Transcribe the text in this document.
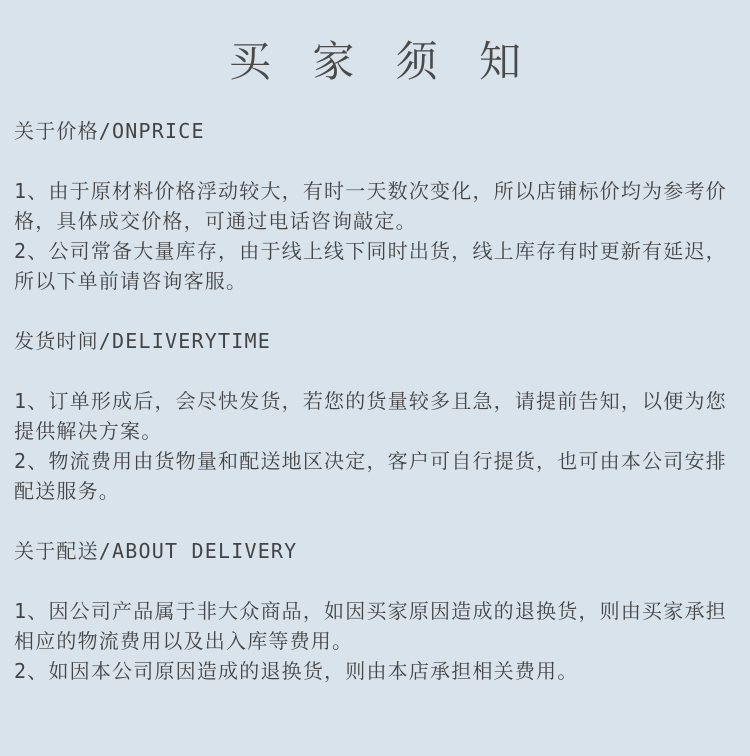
买 家 须 知
关于价格/ONPRICE
1、由于原材料价格浮动较大，有时一天数次变化，所以店铺标价均为参考价格，具体成交价格，可通过电话咨询敲定。
2、公司常备大量库存，由于线上线下同时出货，线上库存有时更新有延迟，所以下单前请咨询客服。
发货时间/DELIVERYTIME
1、订单形成后，会尽快发货，若您的货量较多且急，请提前告知，以便为您提供解决方案。
2、物流费用由货物量和配送地区决定，客户可自行提货，也可由本公司安排配送服务。
关于配送/ABOUT DELIVERY
1、因公司产品属于非大众商品，如因买家原因造成的退换货，则由买家承担相应的物流费用以及出入库等费用。
2、如因本公司原因造成的退换货，则由本店承担相关费用。
